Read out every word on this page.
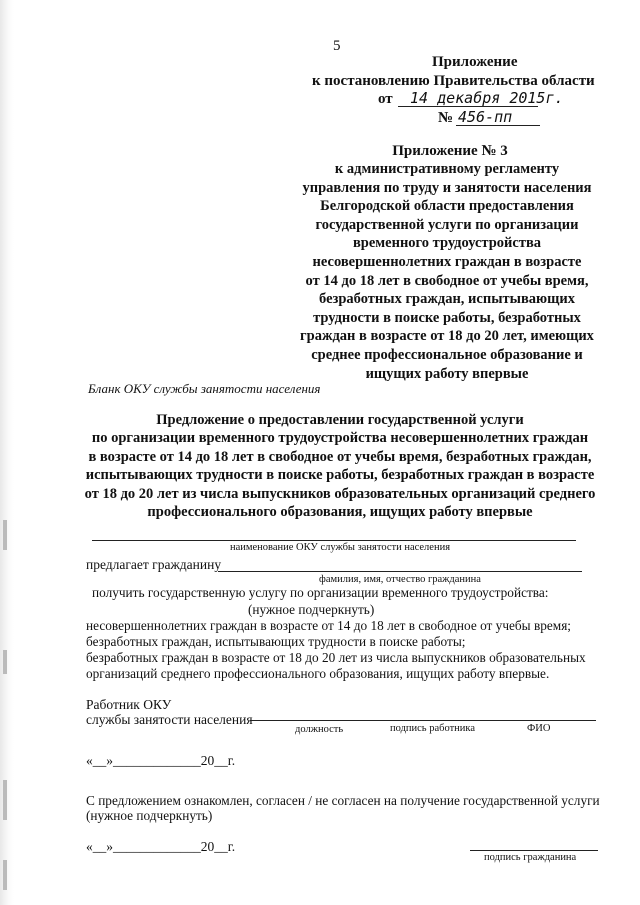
5
Приложение
к постановлению Правительства области
от 14 декабря 2015г.
№ 456-пп
Приложение № 3
к административному регламенту
управления по труду и занятости населения
Белгородской области предоставления
государственной услуги по организации
временного трудоустройства
несовершеннолетних граждан в возрасте
от 14 до 18 лет в свободное от учебы время,
безработных граждан, испытывающих
трудности в поиске работы, безработных
граждан в возрасте от 18 до 20 лет, имеющих
среднее профессиональное образование и
ищущих работу впервые
Бланк ОКУ службы занятости населения
Предложение о предоставлении государственной услуги
по организации временного трудоустройства несовершеннолетних граждан
в возрасте от 14 до 18 лет в свободное от учебы время, безработных граждан,
испытывающих трудности в поиске работы, безработных граждан в возрасте
от 18 до 20 лет из числа выпускников образовательных организаций среднего
профессионального образования, ищущих работу впервые
наименование ОКУ службы занятости населения
предлагает гражданину
фамилия, имя, отчество гражданина
получить государственную услугу по организации временного трудоустройства:
(нужное подчеркнуть)
несовершеннолетних граждан в возрасте от 14 до 18 лет в свободное от учебы время;
безработных граждан, испытывающих трудности в поиске работы;
безработных граждан в возрасте от 18 до 20 лет из числа выпускников образовательных
организаций среднего профессионального образования, ищущих работу впервые.
Работник ОКУ
службы занятости населения
должность	подпись работника	ФИО
«__»_____________20__г.
С предложением ознакомлен, согласен / не согласен на получение государственной услуги
(нужное подчеркнуть)
«__»_____________20__г.
подпись гражданина
